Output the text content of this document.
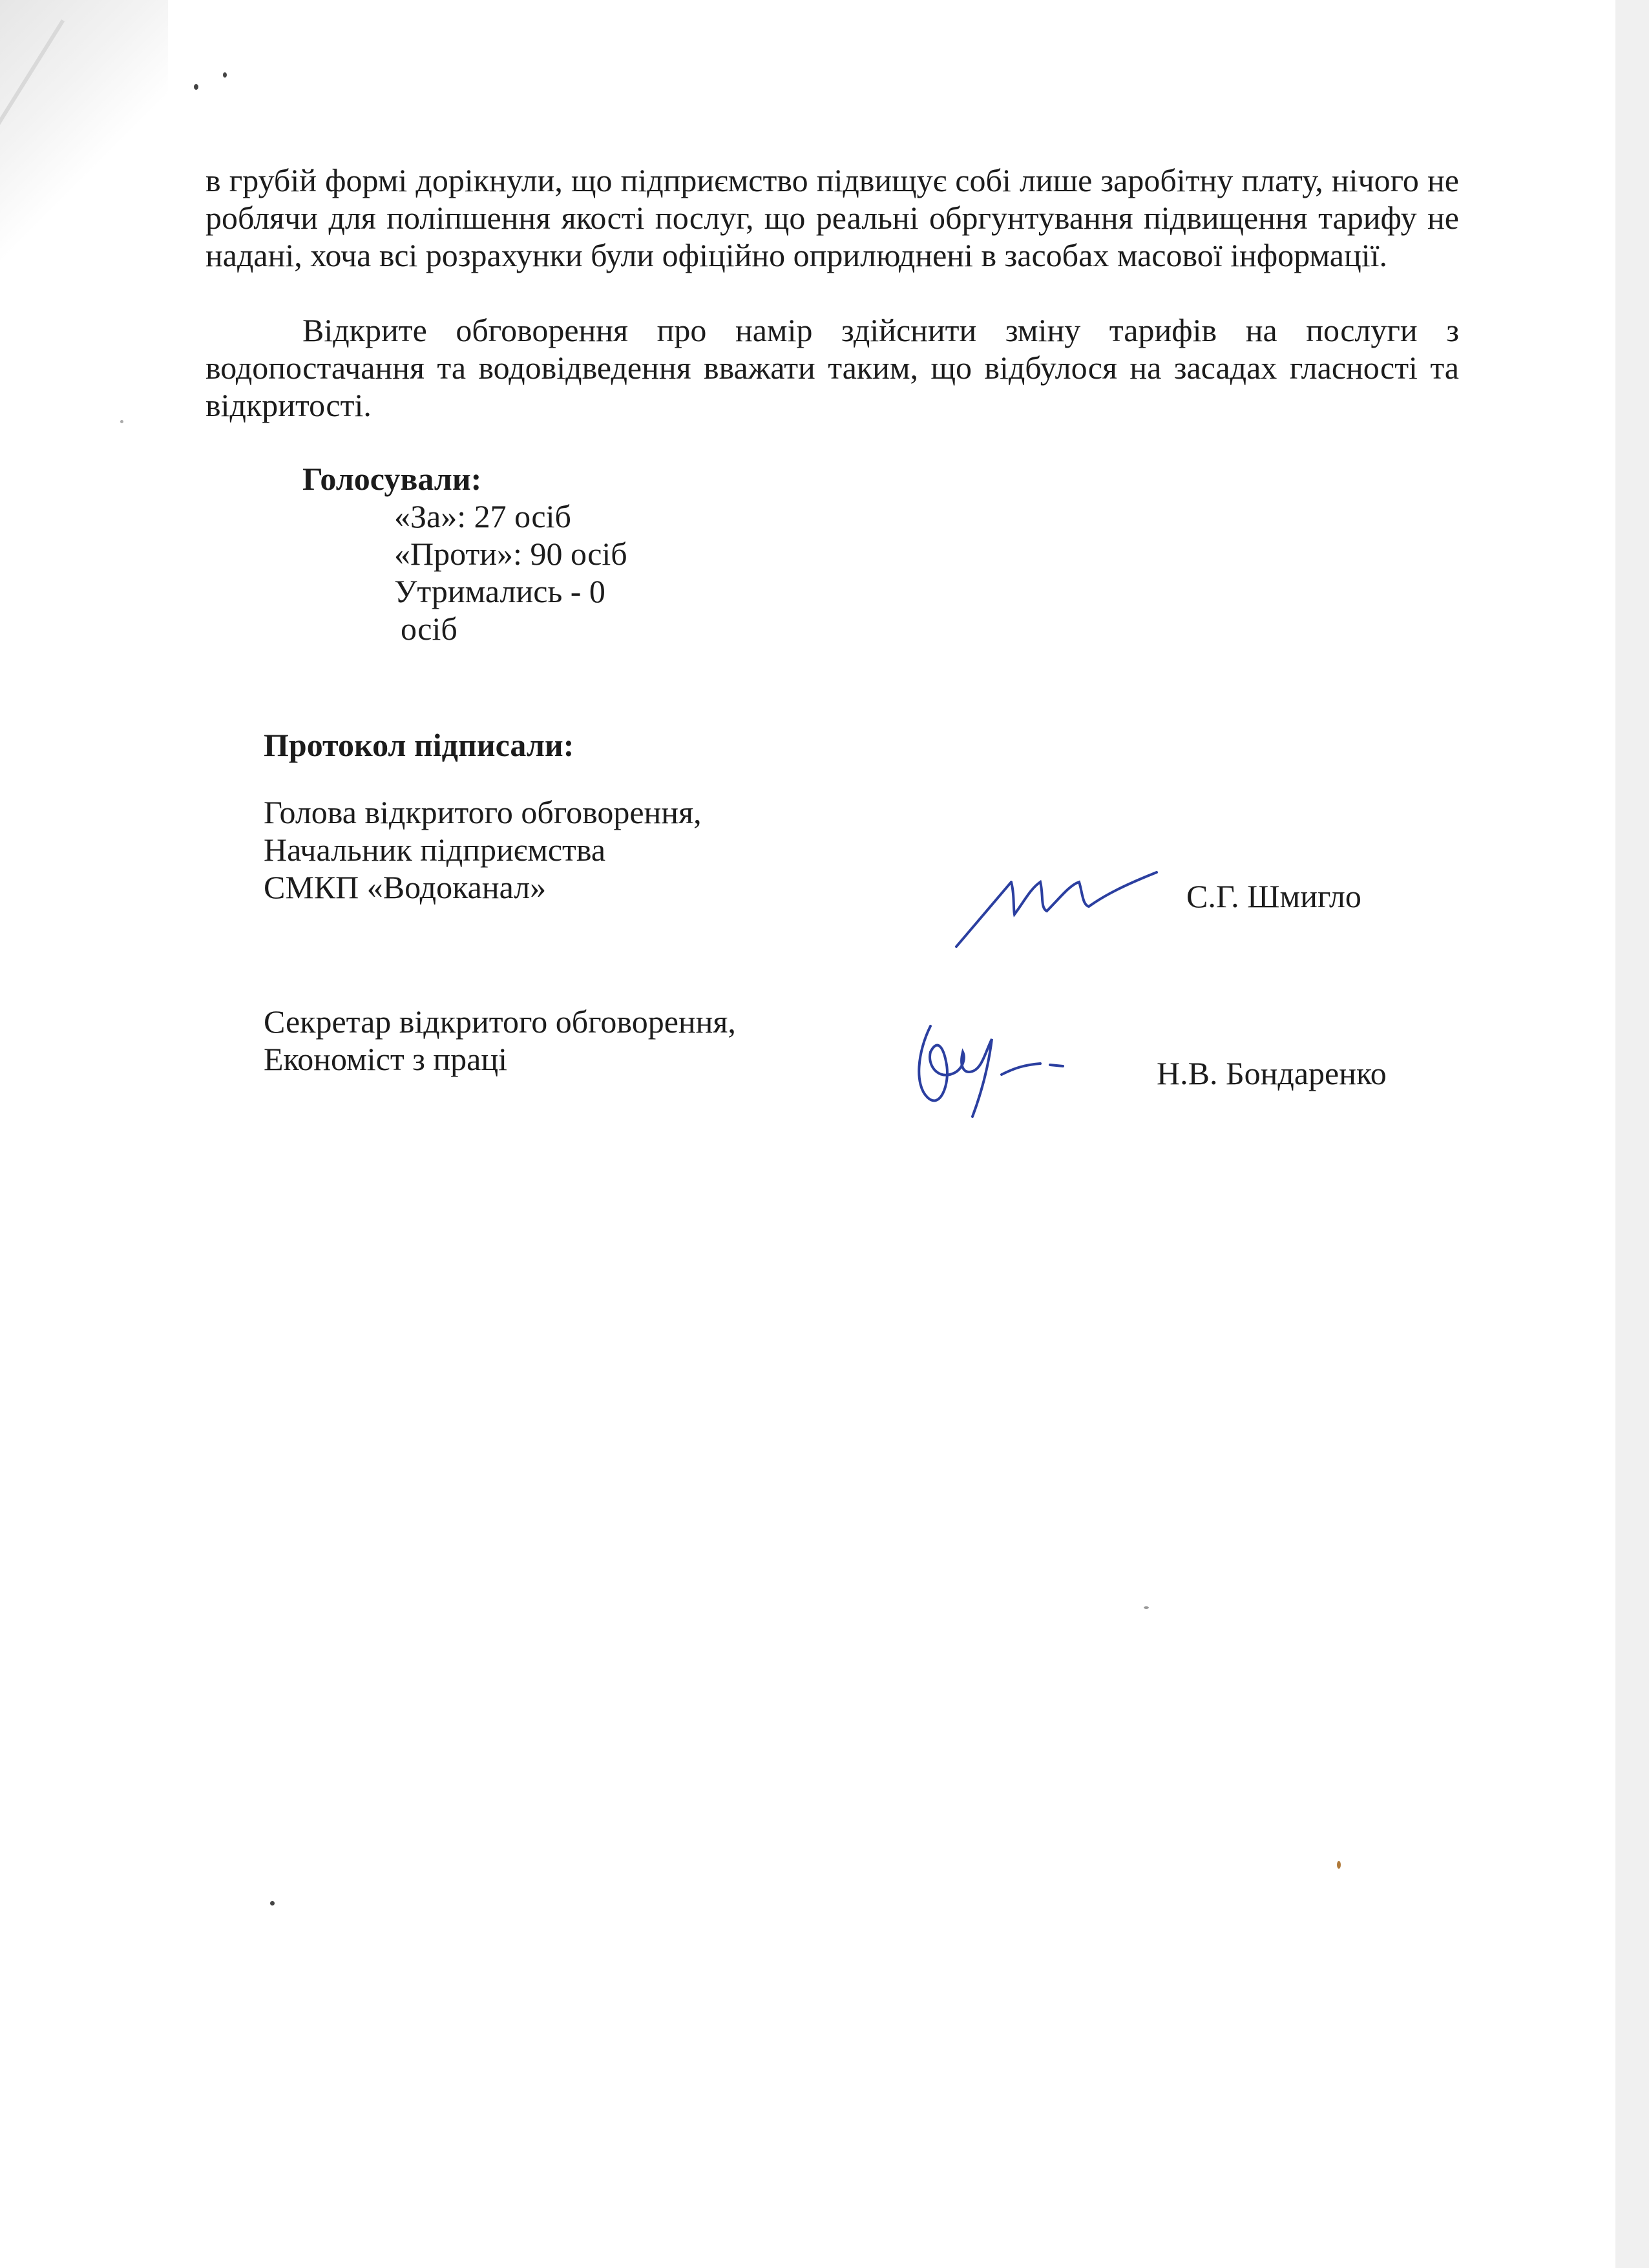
в грубій формі дорікнули, що підприємство підвищує собі лише заробітну плату, нічого не роблячи для поліпшення якості послуг, що реальні обргунтування підвищення тарифу не надані, хоча всі розрахунки були офіційно оприлюднені в засобах масової інформації.
Відкрите обговорення про намір здійснити зміну тарифів на послуги з водопостачання та водовідведення вважати таким, що відбулося на засадах гласності та відкритості.
Голосували:
«За»: 27 осіб
«Проти»: 90 осіб
Утримались - 0
осіб
Протокол підписали:
Голова відкритого обговорення,
Начальник підприємства
СМКП «Водоканал»	С.Г. Шмигло
Секретар відкритого обговорення,
Економіст з праці	Н.В. Бондаренко
